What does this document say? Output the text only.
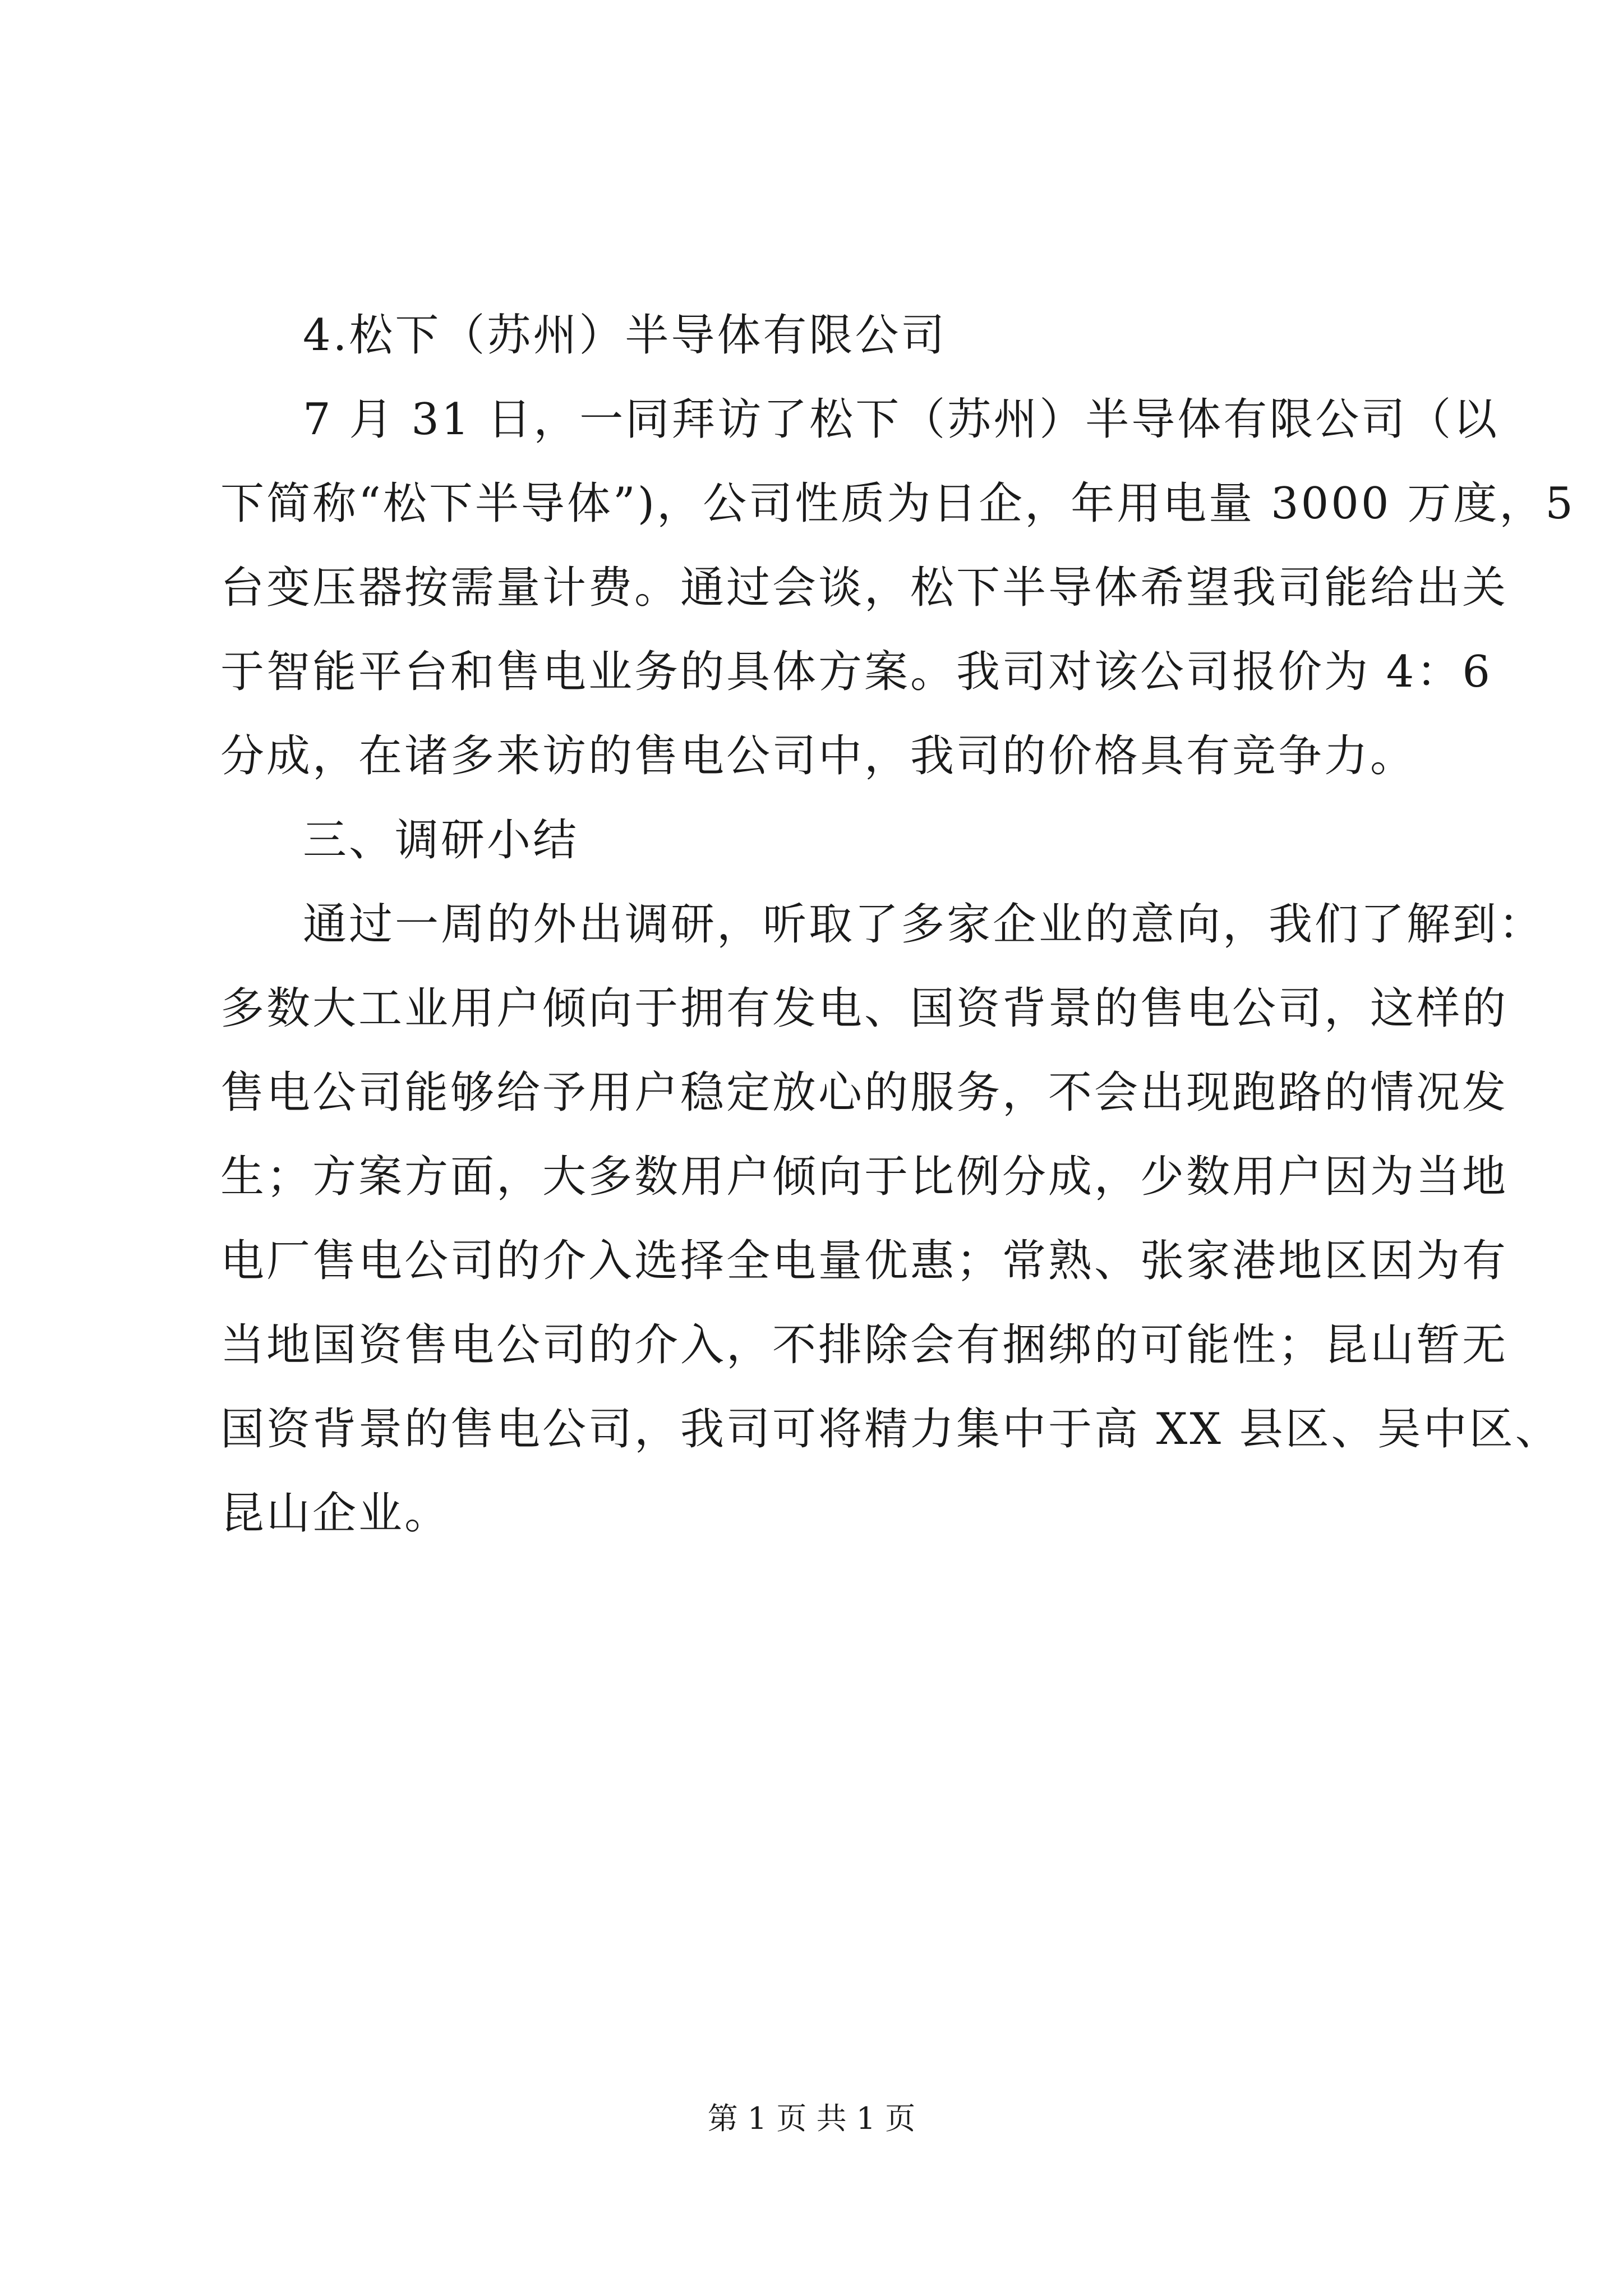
4.松下（苏州）半导体有限公司
7 月 31 日，一同拜访了松下（苏州）半导体有限公司（以
下简称“松下半导体”)，公司性质为日企，年用电量 3000 万度，5
台变压器按需量计费。通过会谈，松下半导体希望我司能给出关
于智能平台和售电业务的具体方案。我司对该公司报价为 4：6
分成，在诸多来访的售电公司中，我司的价格具有竞争力。
三、调研小结
通过一周的外出调研，听取了多家企业的意向，我们了解到：
多数大工业用户倾向于拥有发电、国资背景的售电公司，这样的
售电公司能够给予用户稳定放心的服务，不会出现跑路的情况发
生；方案方面，大多数用户倾向于比例分成，少数用户因为当地
电厂售电公司的介入选择全电量优惠；常熟、张家港地区因为有
当地国资售电公司的介入，不排除会有捆绑的可能性；昆山暂无
国资背景的售电公司，我司可将精力集中于高 XX 县区、吴中区、
昆山企业。
第 1 页 共 1 页
